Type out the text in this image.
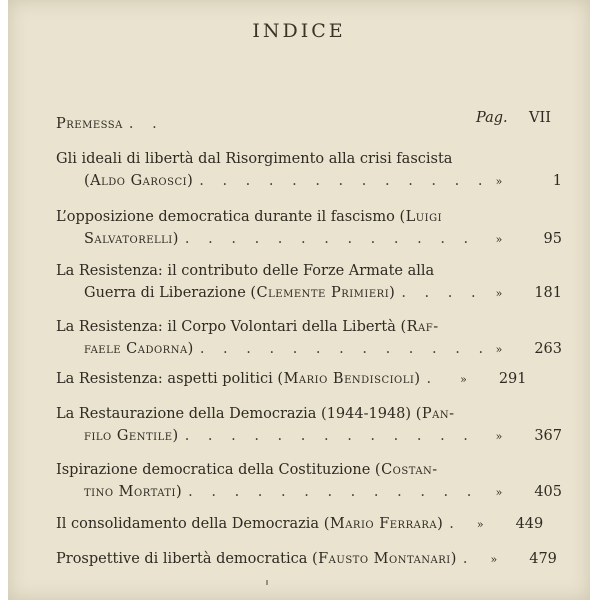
INDICE
Pag.
Premessa . . .	VII
Gli ideali di libertà dal Risorgimento alla crisi fascista
(Aldo Garosci) . . .	»	1
L’opposizione democratica durante il fascismo
(Luigi
Salvatorelli) . . .	»	95
La Resistenza: il contributo delle Forze Armate alla
Guerra di Liberazione
(Clemente Primieri) . . .	»	181
La Resistenza: il Corpo Volontari della Libertà
(Raf-
faele Cadorna) . . .	»	263
La Resistenza: aspetti politici
(Mario Bendiscioli) . . .	»	291
La Restaurazione della Democrazia (1944-1948)
(Pan-
filo Gentile) . . .	»	367
Ispirazione democratica della Costituzione
(Costan-
tino Mortati) . . .	»	405
Il consolidamento della Democrazia
(Mario Ferrara) . . .	»	449
Prospettive di libertà democratica
(Fausto Montanari) . . .	»	479
